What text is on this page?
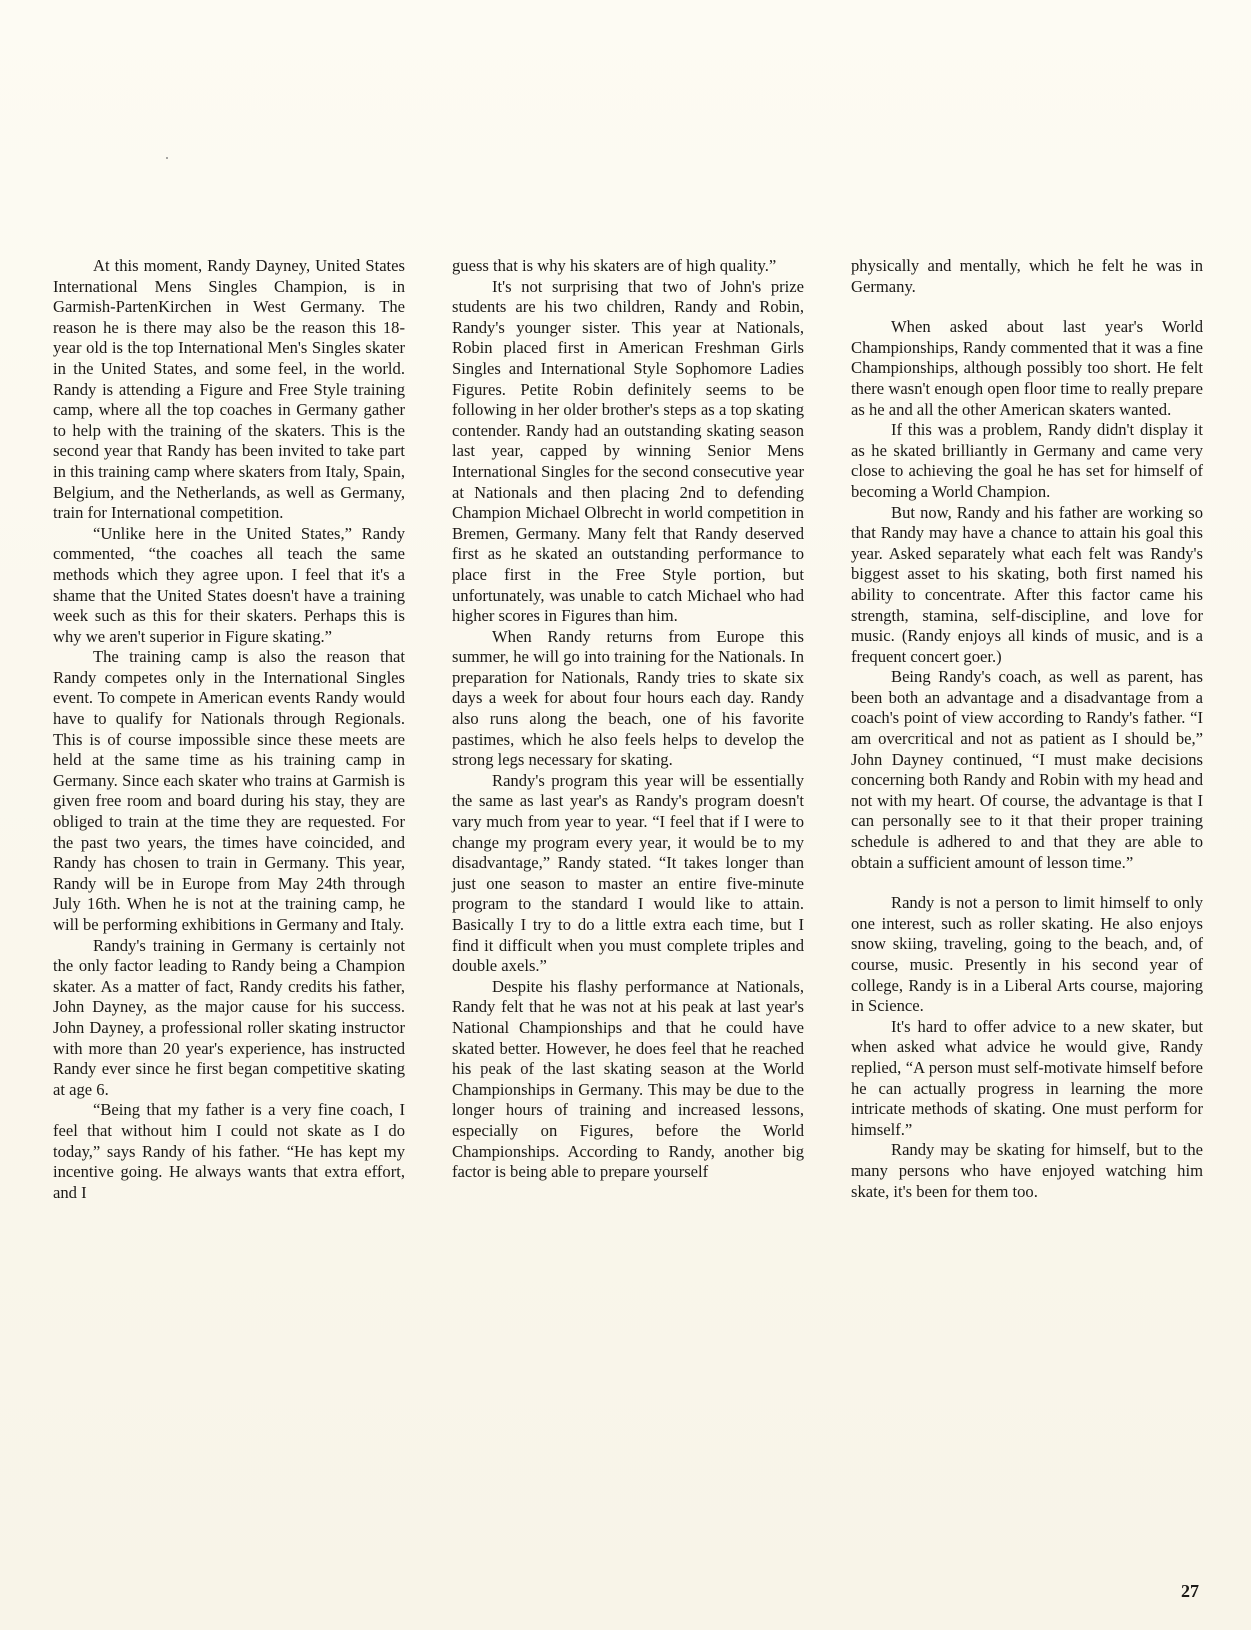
At this moment, Randy Dayney, United States International Mens Singles Champion, is in Garmish-PartenKirchen in West Germany. The reason he is there may also be the reason this 18-year old is the top International Men's Singles skater in the United States, and some feel, in the world. Randy is attending a Figure and Free Style training camp, where all the top coaches in Germany gather to help with the training of the skaters. This is the second year that Randy has been invited to take part in this training camp where skaters from Italy, Spain, Belgium, and the Netherlands, as well as Germany, train for International competition.

“Unlike here in the United States,” Randy commented, “the coaches all teach the same methods which they agree upon. I feel that it's a shame that the United States doesn't have a training week such as this for their skaters. Perhaps this is why we aren't superior in Figure skating.”

The training camp is also the reason that Randy competes only in the International Singles event. To compete in American events Randy would have to qualify for Nationals through Regionals. This is of course impossible since these meets are held at the same time as his training camp in Germany. Since each skater who trains at Garmish is given free room and board during his stay, they are obliged to train at the time they are requested. For the past two years, the times have coincided, and Randy has chosen to train in Germany. This year, Randy will be in Europe from May 24th through July 16th. When he is not at the training camp, he will be performing exhibitions in Germany and Italy.

Randy's training in Germany is certainly not the only factor leading to Randy being a Champion skater. As a matter of fact, Randy credits his father, John Dayney, as the major cause for his success. John Dayney, a professional roller skating instructor with more than 20 year's experience, has instructed Randy ever since he first began competitive skating at age 6.

“Being that my father is a very fine coach, I feel that without him I could not skate as I do today,” says Randy of his father. “He has kept my incentive going. He always wants that extra effort, and I

guess that is why his skaters are of high quality.”

It's not surprising that two of John's prize students are his two children, Randy and Robin, Randy's younger sister. This year at Nationals, Robin placed first in American Freshman Girls Singles and International Style Sophomore Ladies Figures. Petite Robin definitely seems to be following in her older brother's steps as a top skating contender. Randy had an outstanding skating season last year, capped by winning Senior Mens International Singles for the second consecutive year at Nationals and then placing 2nd to defending Champion Michael Olbrecht in world competition in Bremen, Germany. Many felt that Randy deserved first as he skated an outstanding performance to place first in the Free Style portion, but unfortunately, was unable to catch Michael who had higher scores in Figures than him.

When Randy returns from Europe this summer, he will go into training for the Nationals. In preparation for Nationals, Randy tries to skate six days a week for about four hours each day. Randy also runs along the beach, one of his favorite pastimes, which he also feels helps to develop the strong legs necessary for skating.

Randy's program this year will be essentially the same as last year's as Randy's program doesn't vary much from year to year. “I feel that if I were to change my program every year, it would be to my disadvantage,” Randy stated. “It takes longer than just one season to master an entire five-minute program to the standard I would like to attain. Basically I try to do a little extra each time, but I find it difficult when you must complete triples and double axels.”

Despite his flashy performance at Nationals, Randy felt that he was not at his peak at last year's National Championships and that he could have skated better. However, he does feel that he reached his peak of the last skating season at the World Championships in Germany. This may be due to the longer hours of training and increased lessons, especially on Figures, before the World Championships. According to Randy, another big factor is being able to prepare yourself

physically and mentally, which he felt he was in Germany.

When asked about last year's World Championships, Randy commented that it was a fine Championships, although possibly too short. He felt there wasn't enough open floor time to really prepare as he and all the other American skaters wanted.

If this was a problem, Randy didn't display it as he skated brilliantly in Germany and came very close to achieving the goal he has set for himself of becoming a World Champion.

But now, Randy and his father are working so that Randy may have a chance to attain his goal this year. Asked separately what each felt was Randy's biggest asset to his skating, both first named his ability to concentrate. After this factor came his strength, stamina, self-discipline, and love for music. (Randy enjoys all kinds of music, and is a frequent concert goer.)

Being Randy's coach, as well as parent, has been both an advantage and a disadvantage from a coach's point of view according to Randy's father. “I am overcritical and not as patient as I should be,” John Dayney continued, “I must make decisions concerning both Randy and Robin with my head and not with my heart. Of course, the advantage is that I can personally see to it that their proper training schedule is adhered to and that they are able to obtain a sufficient amount of lesson time.”

Randy is not a person to limit himself to only one interest, such as roller skating. He also enjoys snow skiing, traveling, going to the beach, and, of course, music. Presently in his second year of college, Randy is in a Liberal Arts course, majoring in Science.

It's hard to offer advice to a new skater, but when asked what advice he would give, Randy replied, “A person must self-motivate himself before he can actually progress in learning the more intricate methods of skating. One must perform for himself.”

Randy may be skating for himself, but to the many persons who have enjoyed watching him skate, it's been for them too.

27
